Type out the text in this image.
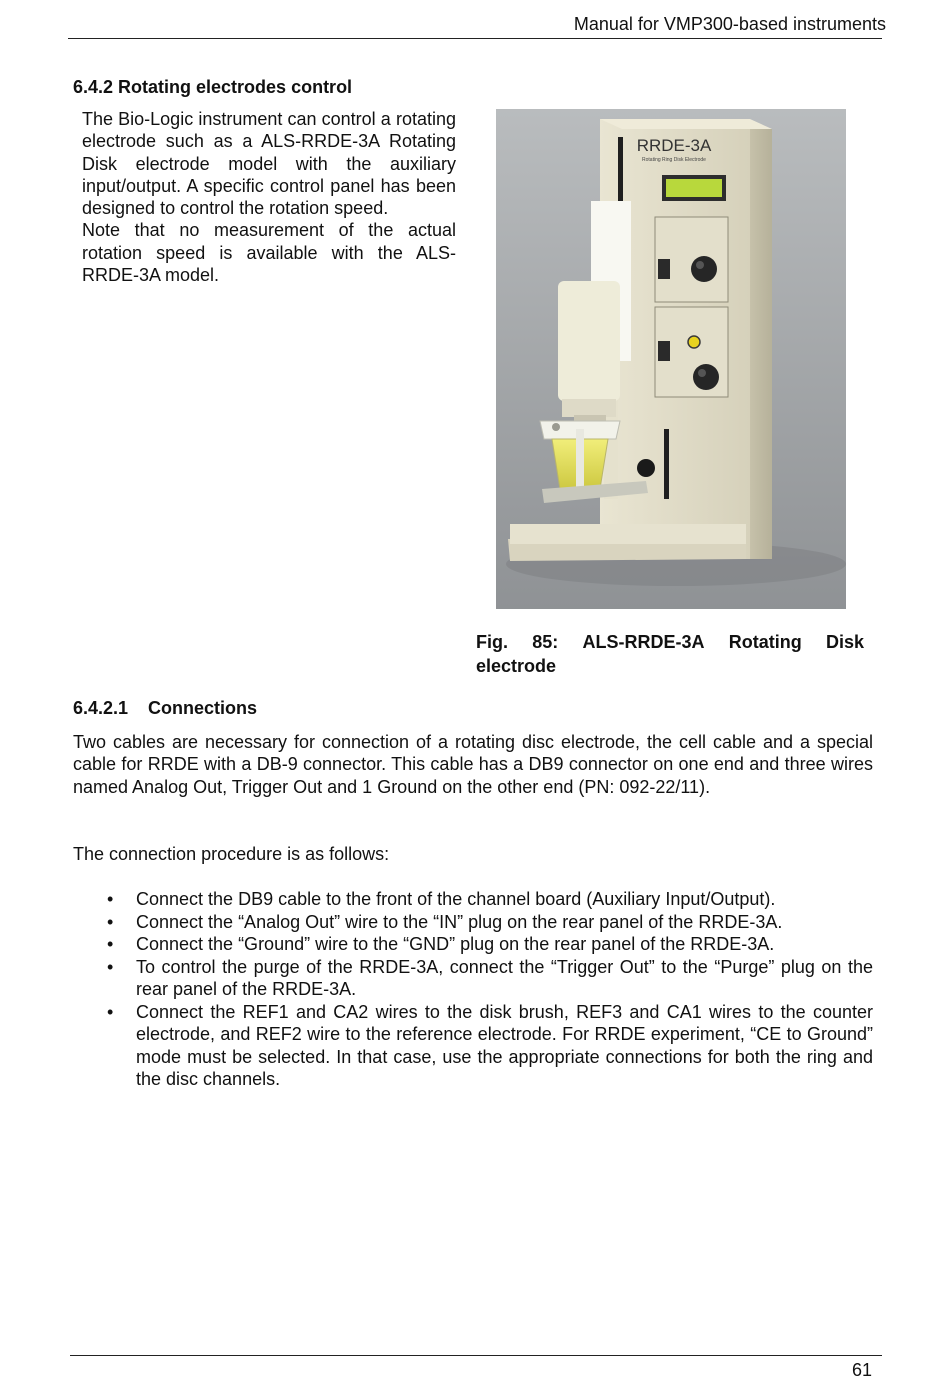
Manual for VMP300-based instruments
6.4.2 Rotating electrodes control
The Bio-Logic instrument can control a rotating electrode such as a ALS-RRDE-3A Rotating Disk electrode model with the auxiliary input/output. A specific control panel has been designed to control the rotation speed.
Note that no measurement of the actual rotation speed is available with the ALS-RRDE-3A model.
RRDE-3A
Rotating Ring Disk Electrode
Fig. 85: ALS-RRDE-3A Rotating Disk
electrode
6.4.2.1 Connections
Two cables are necessary for connection of a rotating disc electrode, the cell cable and a special cable for RRDE with a DB-9 connector. This cable has a DB9 connector on one end and three wires named Analog Out, Trigger Out and 1 Ground on the other end (PN: 092-22/11).
The connection procedure is as follows:
• Connect the DB9 cable to the front of the channel board (Auxiliary Input/Output).
• Connect the “Analog Out” wire to the “IN” plug on the rear panel of the RRDE-3A.
• Connect the “Ground” wire to the “GND” plug on the rear panel of the RRDE-3A.
• To control the purge of the RRDE-3A, connect the “Trigger Out” to the “Purge” plug on the rear panel of the RRDE-3A.
• Connect the REF1 and CA2 wires to the disk brush, REF3 and CA1 wires to the counter electrode, and REF2 wire to the reference electrode. For RRDE experiment, “CE to Ground” mode must be selected. In that case, use the appropriate connections for both the ring and the disc channels.
61
